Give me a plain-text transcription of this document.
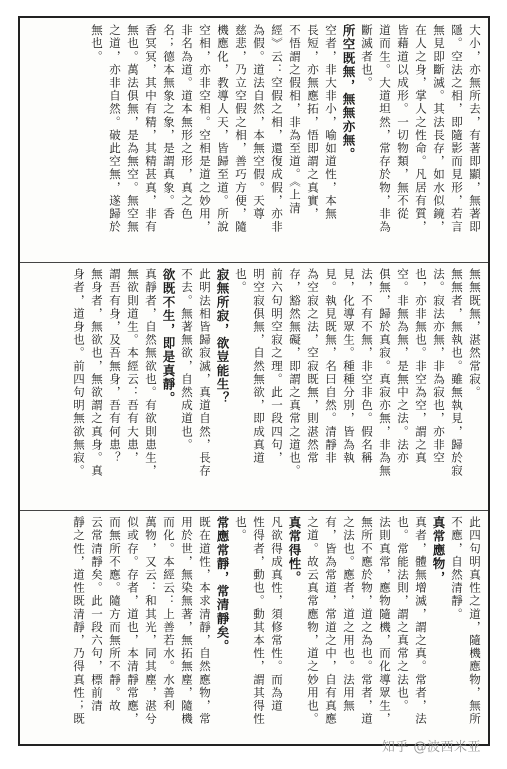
大小，亦無所去，有著即顯，無著即
隱。空法之相，即隨影而見形，若言
無見即斷滅。其法長存，如水似鏡，
在人之身，掌人之性命。凡居有質，
皆藉道以成形。一切物類，無不從
道而生。大道坦然，常存於物，非為
斷滅者也。
所空既無，無無亦無。
空者，非大非小，喻如道性，本無
長短，亦無應拓，悟即謂之真實，
不悟謂之假相，非為至道。《上清
經》云：空假之相，還復成假，亦非
為假。道法自然，本無空假。天尊
慈悲，乃立空假之相，善巧方便，隨
機應化，教導人天，皆歸至道。所說
空相，亦非空相。空相是道之妙用，
非名為道。道本無形之形，真之色
名；德本無象之象，是謂真象。香
香冥冥，其中有精，其精甚真，非有
無也。萬法俱無，是為無空。無空無
之道，亦非自然。破此空無，遂歸於
無也。
無無既無，湛然常寂。
無無者，無執也。雖無執見，歸於寂
法。寂法亦無，非為寂也，亦非空
也，亦非無也。非空為空，謂之真
空。非無為無，是無中之法。法亦
俱無，歸於真寂。真寂亦無，非為無
法，不有不無，非空非色。假名稱
見，化導眾生。種種分別，皆為執
見。執見既無，名曰自然。清靜非
為空寂之法，空寂既無，則湛然常
存，豁然無礙，即謂之真常之道也。
前六句明空寂之理。此一段四句，
明空寂俱無，自然無欲，即成真道
也。
寂無所寂，欲豈能生？
此明法相皆歸寂滅，真道自然，長存
不去。無著無欲，自然成道也。
欲既不生，即是真靜。
真靜者，自然無欲也。有欲則患生，
無欲則道生。本經云：吾有大患，
謂吾有身，及吾無身，吾有何患？
無身者，無欲也，無欲謂之真身。真
身者，道身也。前四句明無欲無寂。
此四句明真性之道，隨機應物，無所
不應，自然清靜。
真常應物，
真者，體無增滅，謂之真。常者，法
也。常能法則，謂之真常之法也。
法則真常，應物隨機，而化導眾生，
無所不應於物，道之為也。常者，道
之法也。應者，道之用也。法用無
有，皆為常道，常道之中，自有真應
之道。故云真常應物，道之妙用也。
真常得性。
凡欲得成真性，須修常性。而為道
性得者，動也。動其本性，謂其得性
也。
常應常靜，常清靜矣。
既在道性，本求清靜，自然應物，常
用於世，無染無著，無拓無塵，隨機
而化。本經云：上善若水。水善利
萬物，又云：和其光，同其塵，湛兮
似或存。存者，道也，本清靜常應，
而無所不應。隨方而無所不靜。故
云常清靜矣。此一段六句，標前清
靜之性，道性既清靜，乃得真性；既
知乎 @波西米亚
